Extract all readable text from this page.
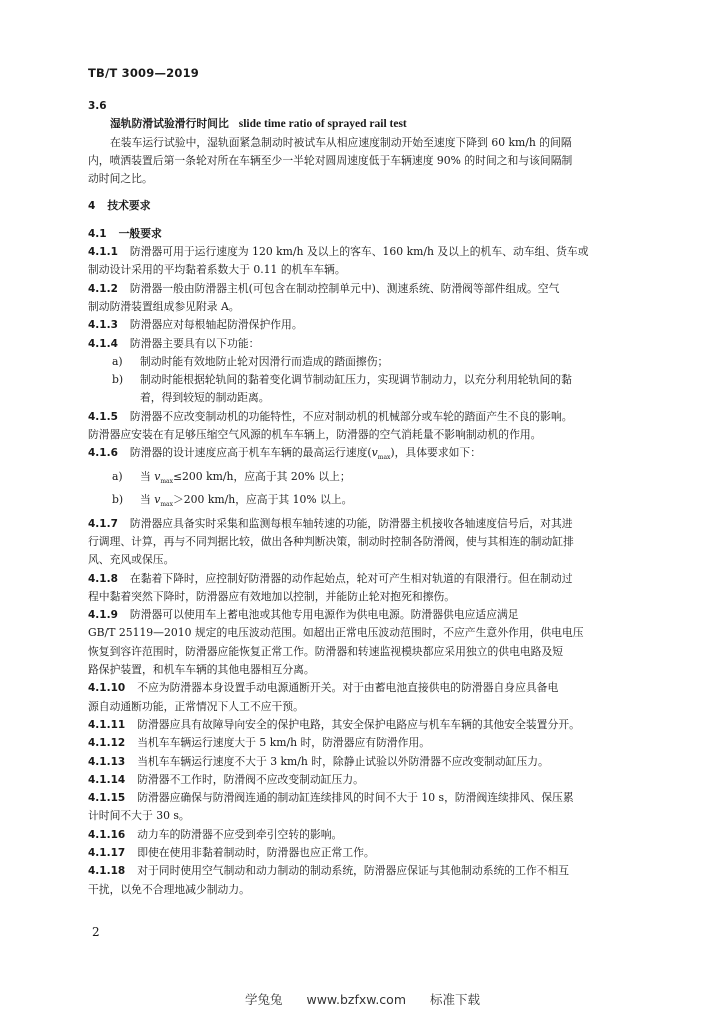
TB/T 3009—2019

3.6

湿轨防滑试验滑行时间比 slide time ratio of sprayed rail test

在装车运行试验中，湿轨面紧急制动时被试车从相应速度制动开始至速度下降到 60 km/h 的间隔

内，喷洒装置后第一条轮对所在车辆至少一半轮对圆周速度低于车辆速度 90% 的时间之和与该间隔制

动时间之比。

4 技术要求

4.1 一般要求

4.1.1 防滑器可用于运行速度为 120 km/h 及以上的客车、160 km/h 及以上的机车、动车组、货车或

制动设计采用的平均黏着系数大于 0.11 的机车车辆。

4.1.2 防滑器一般由防滑器主机(可包含在制动控制单元中)、测速系统、防滑阀等部件组成。空气

制动防滑装置组成参见附录 A。

4.1.3 防滑器应对每根轴起防滑保护作用。

4.1.4 防滑器主要具有以下功能：

a) 制动时能有效地防止轮对因滑行而造成的踏面擦伤；

b) 制动时能根据轮轨间的黏着变化调节制动缸压力，实现调节制动力，以充分利用轮轨间的黏

着，得到较短的制动距离。

4.1.5 防滑器不应改变制动机的功能特性，不应对制动机的机械部分或车轮的踏面产生不良的影响。

防滑器应安装在有足够压缩空气风源的机车车辆上，防滑器的空气消耗量不影响制动机的作用。

4.1.6 防滑器的设计速度应高于机车车辆的最高运行速度$(v_{max})$，具体要求如下：

a) 当 $v_{max}\le 200$ km/h，应高于其 20% 以上；

b) 当 $v_{max}>200$ km/h，应高于其 10% 以上。

4.1.7 防滑器应具备实时采集和监测每根车轴转速的功能，防滑器主机接收各轴速度信号后，对其进

行调理、计算，再与不同判据比较，做出各种判断决策，制动时控制各防滑阀，使与其相连的制动缸排

风、充风或保压。

4.1.8 在黏着下降时，应控制好防滑器的动作起始点，轮对可产生相对轨道的有限滑行。但在制动过

程中黏着突然下降时，防滑器应有效地加以控制，并能防止轮对抱死和擦伤。

4.1.9 防滑器可以使用车上蓄电池或其他专用电源作为供电电源。防滑器供电应适应满足

GB/T 25119—2010 规定的电压波动范围。如超出正常电压波动范围时，不应产生意外作用，供电电压

恢复到容许范围时，防滑器应能恢复正常工作。防滑器和转速监视模块都应采用独立的供电电路及短

路保护装置，和机车车辆的其他电器相互分离。

4.1.10 不应为防滑器本身设置手动电源通断开关。对于由蓄电池直接供电的防滑器自身应具备电

源自动通断功能，正常情况下人工不应干预。

4.1.11 防滑器应具有故障导向安全的保护电路，其安全保护电路应与机车车辆的其他安全装置分开。

4.1.12 当机车车辆运行速度大于 5 km/h 时，防滑器应有防滑作用。

4.1.13 当机车车辆运行速度不大于 3 km/h 时，除静止试验以外防滑器不应改变制动缸压力。

4.1.14 防滑器不工作时，防滑阀不应改变制动缸压力。

4.1.15 防滑器应确保与防滑阀连通的制动缸连续排风的时间不大于 10 s，防滑阀连续排风、保压累

计时间不大于 30 s。

4.1.16 动力车的防滑器不应受到牵引空转的影响。

4.1.17 即使在使用非黏着制动时，防滑器也应正常工作。

4.1.18 对于同时使用空气制动和动力制动的制动系统，防滑器应保证与其他制动系统的工作不相互

干扰，以免不合理地减少制动力。

2
学兔兔 www.bzfxw.com 标准下载
